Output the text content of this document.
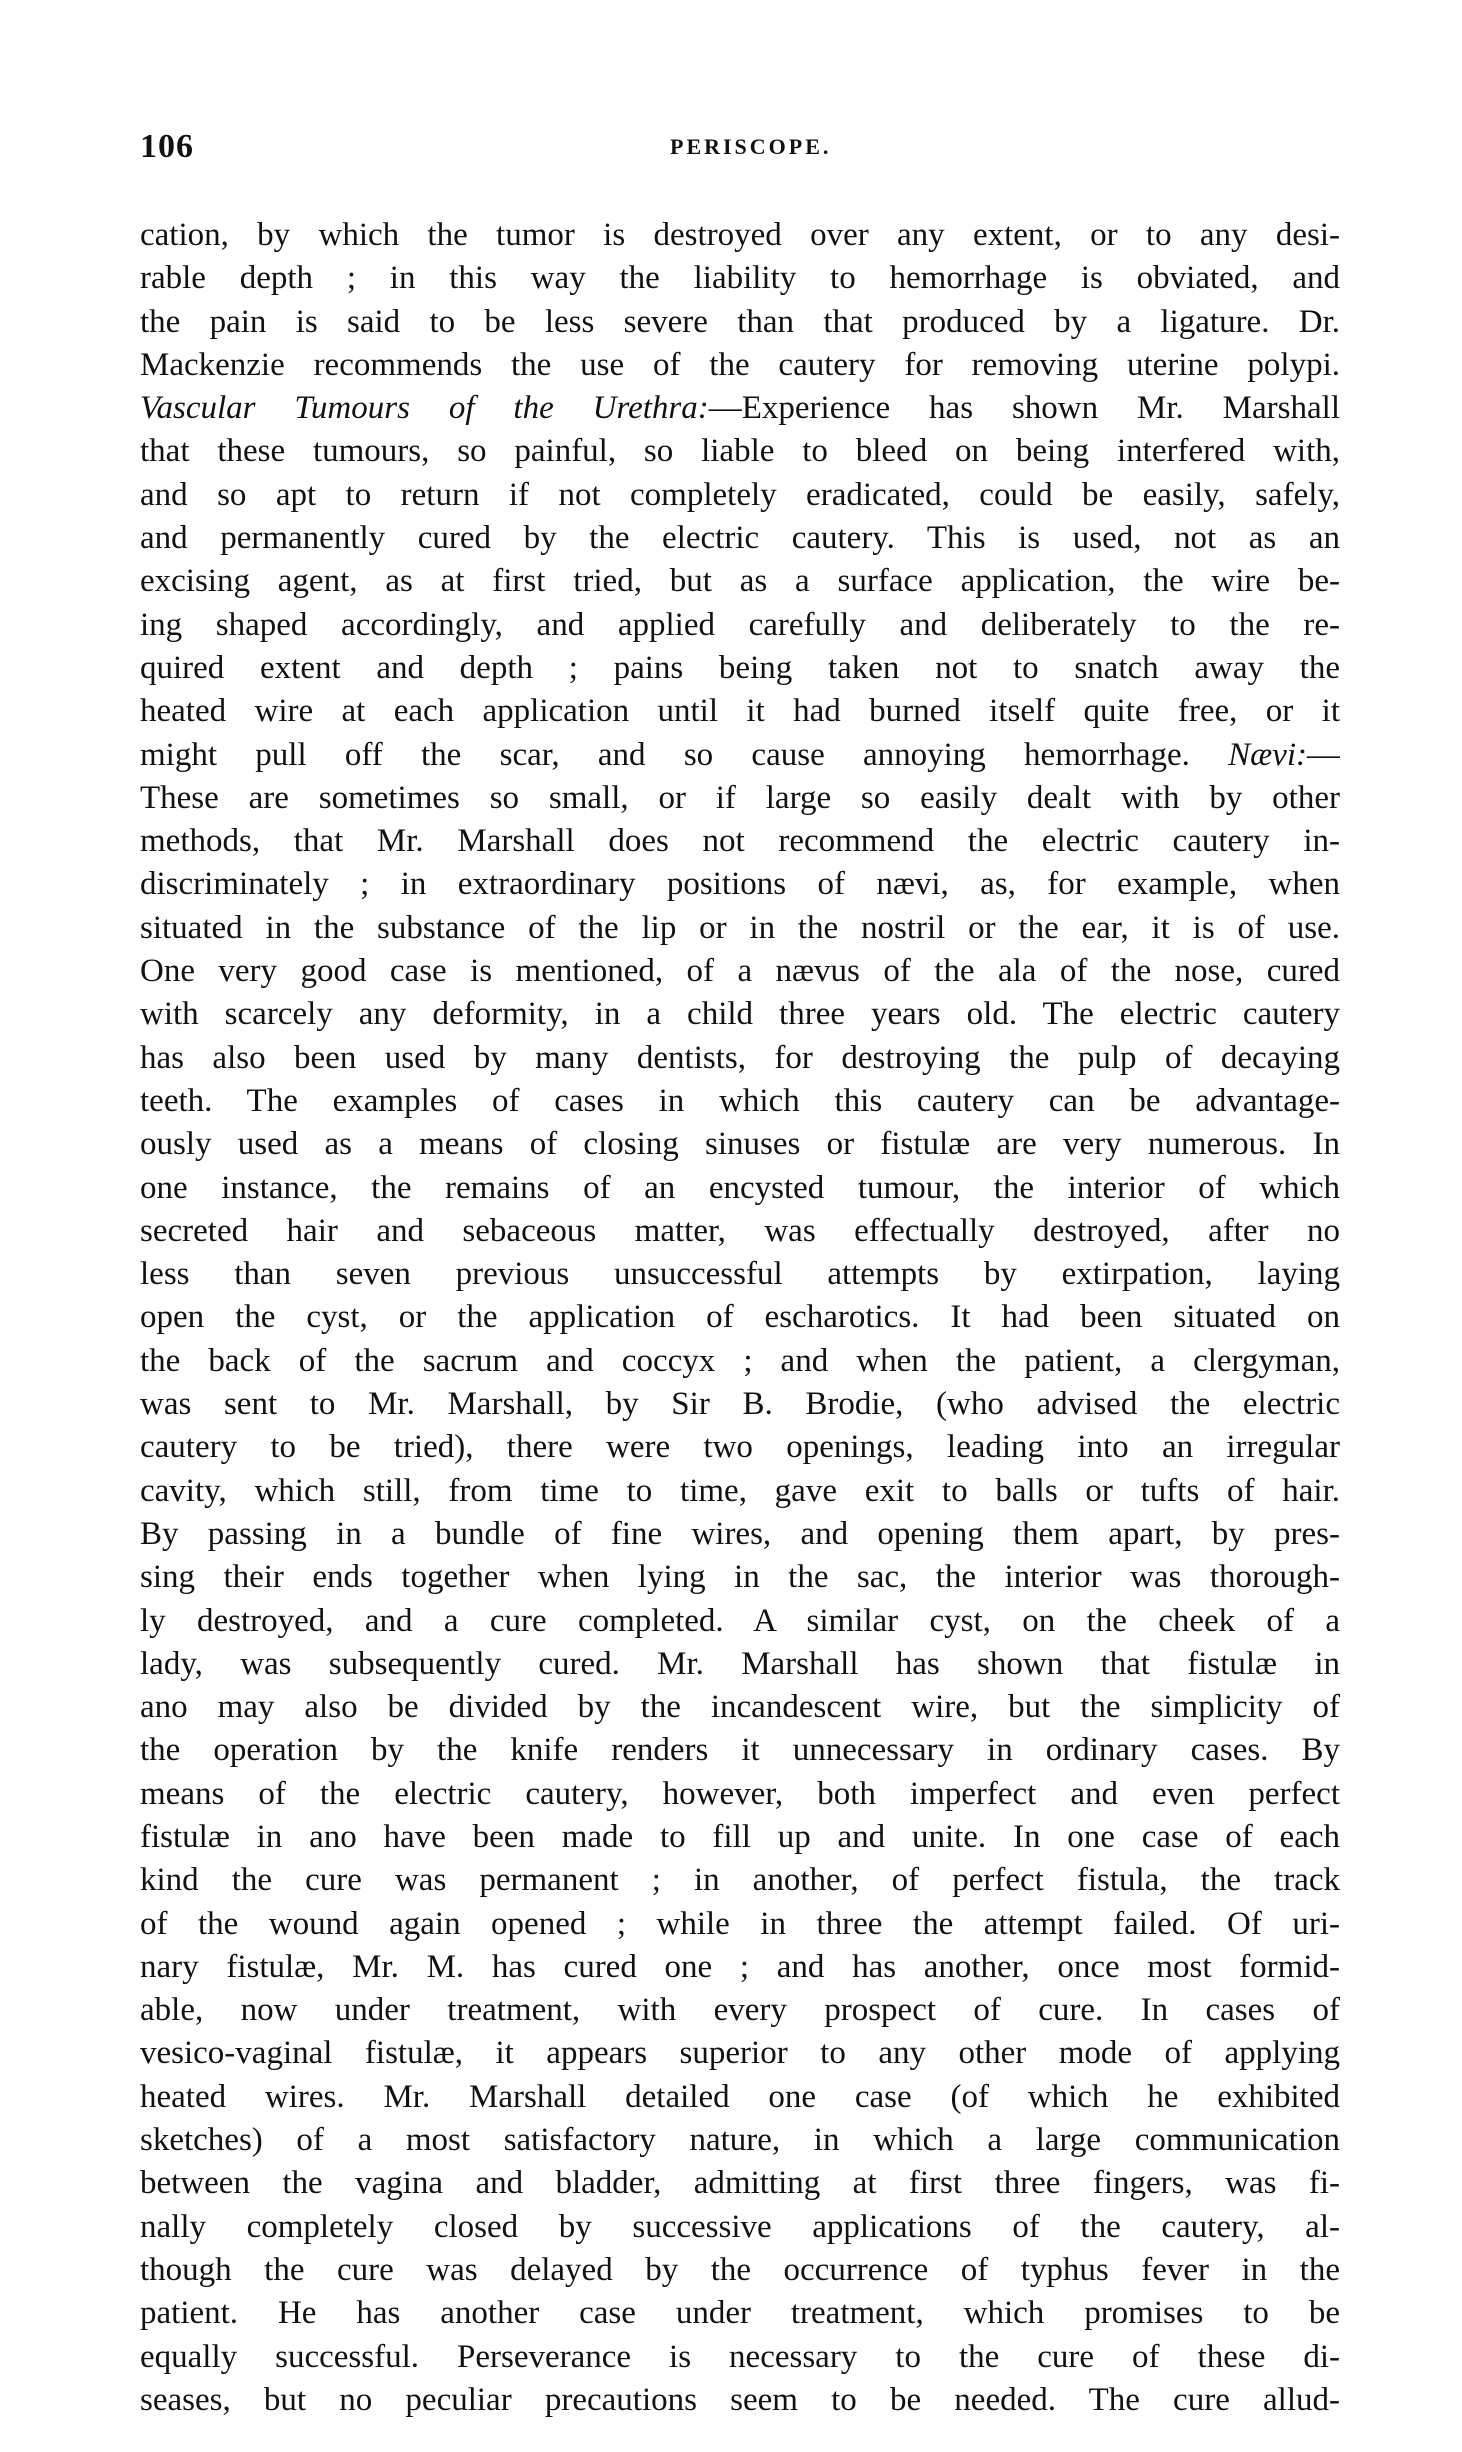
106	PERISCOPE.
cation, by which the tumor is destroyed over any extent, or to any desi-
rable depth ; in this way the liability to hemorrhage is obviated, and
the pain is said to be less severe than that produced by a ligature. Dr.
Mackenzie recommends the use of the cautery for removing uterine polypi.
Vascular Tumours of the Urethra:—Experience has shown Mr. Marshall
that these tumours, so painful, so liable to bleed on being interfered with,
and so apt to return if not completely eradicated, could be easily, safely,
and permanently cured by the electric cautery. This is used, not as an
excising agent, as at first tried, but as a surface application, the wire be-
ing shaped accordingly, and applied carefully and deliberately to the re-
quired extent and depth ; pains being taken not to snatch away the
heated wire at each application until it had burned itself quite free, or it
might pull off the scar, and so cause annoying hemorrhage. Nævi:—
These are sometimes so small, or if large so easily dealt with by other
methods, that Mr. Marshall does not recommend the electric cautery in-
discriminately ; in extraordinary positions of nævi, as, for example, when
situated in the substance of the lip or in the nostril or the ear, it is of use.
One very good case is mentioned, of a nævus of the ala of the nose, cured
with scarcely any deformity, in a child three years old. The electric cautery
has also been used by many dentists, for destroying the pulp of decaying
teeth. The examples of cases in which this cautery can be advantage-
ously used as a means of closing sinuses or fistulæ are very numerous. In
one instance, the remains of an encysted tumour, the interior of which
secreted hair and sebaceous matter, was effectually destroyed, after no
less than seven previous unsuccessful attempts by extirpation, laying
open the cyst, or the application of escharotics. It had been situated on
the back of the sacrum and coccyx ; and when the patient, a clergyman,
was sent to Mr. Marshall, by Sir B. Brodie, (who advised the electric
cautery to be tried), there were two openings, leading into an irregular
cavity, which still, from time to time, gave exit to balls or tufts of hair.
By passing in a bundle of fine wires, and opening them apart, by pres-
sing their ends together when lying in the sac, the interior was thorough-
ly destroyed, and a cure completed. A similar cyst, on the cheek of a
lady, was subsequently cured. Mr. Marshall has shown that fistulæ in
ano may also be divided by the incandescent wire, but the simplicity of
the operation by the knife renders it unnecessary in ordinary cases. By
means of the electric cautery, however, both imperfect and even perfect
fistulæ in ano have been made to fill up and unite. In one case of each
kind the cure was permanent ; in another, of perfect fistula, the track
of the wound again opened ; while in three the attempt failed. Of uri-
nary fistulæ, Mr. M. has cured one ; and has another, once most formid-
able, now under treatment, with every prospect of cure. In cases of
vesico-vaginal fistulæ, it appears superior to any other mode of applying
heated wires. Mr. Marshall detailed one case (of which he exhibited
sketches) of a most satisfactory nature, in which a large communication
between the vagina and bladder, admitting at first three fingers, was fi-
nally completely closed by successive applications of the cautery, al-
though the cure was delayed by the occurrence of typhus fever in the
patient. He has another case under treatment, which promises to be
equally successful. Perseverance is necessary to the cure of these di-
seases, but no peculiar precautions seem to be needed. The cure allud-
